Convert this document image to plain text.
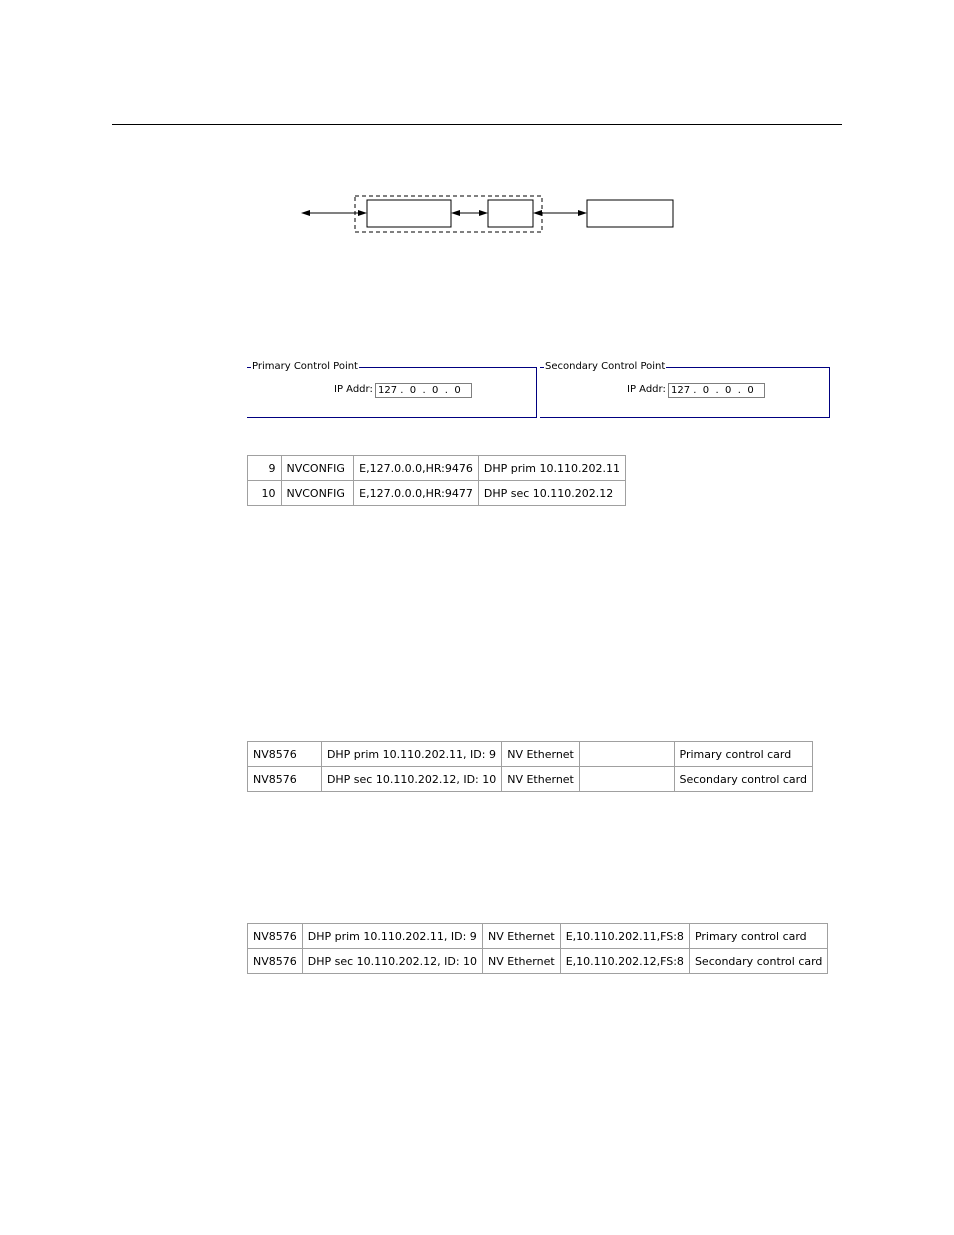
Primary Control Point
IP Addr: 127 .  0  .  0  .  0
Secondary Control Point
IP Addr: 127 .  0  .  0  .  0
9	NVCONFIG	E,127.0.0.0,HR:9476	DHP prim 10.110.202.11
10	NVCONFIG	E,127.0.0.0,HR:9477	DHP sec 10.110.202.12
NV8576	DHP prim 10.110.202.11, ID: 9	NV Ethernet		Primary control card
NV8576	DHP sec 10.110.202.12, ID: 10	NV Ethernet		Secondary control card
NV8576	DHP prim 10.110.202.11, ID: 9	NV Ethernet	E,10.110.202.11,FS:8	Primary control card
NV8576	DHP sec 10.110.202.12, ID: 10	NV Ethernet	E,10.110.202.12,FS:8	Secondary control card
